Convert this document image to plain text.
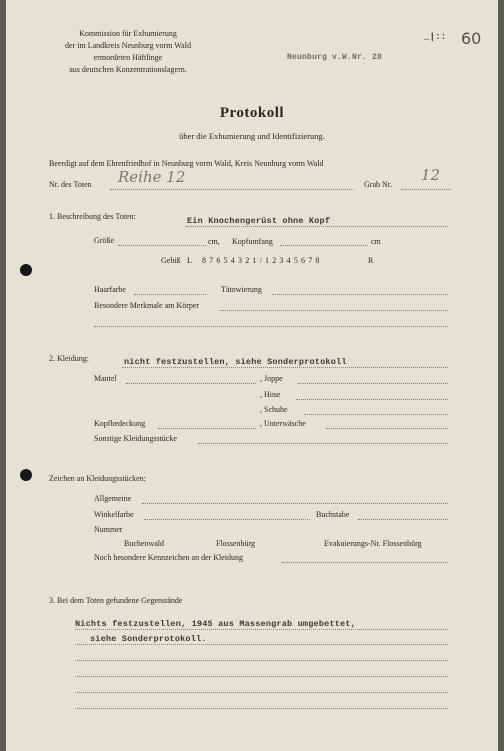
Kommission für Exhumierung
der im Landkreis Neunburg vorm Wald
ermordeten Häftlinge
aus deutschen Konzentrationslagern.
Neunburg v.W.Nr. 28
_|:: 60
Protokoll
über die Exhumierung und Identifizierung.
Beerdigt auf dem Ehrenfriedhof in Neunburg vorm Wald, Kreis Neunburg vorm Wald
Nr. des Toten Reihe 12	Grab Nr.
12
1. Beschreibung des Toten:	Ein Knochengerüst ohne Kopf
Größe	cm, Kopfumfang	cm
Gebiß L 8 7 6 5 4 3 2 1 / 1 2 3 4 5 6 7 8	R
Haarfarbe	Tätowierung
Besondere Merkmale am Körper
2. Kleidung:	nicht festzustellen, siehe Sonderprotokoll
Mantel	, Joppe
, Hose
, Schuhe
Kopfbedeckung	, Unterwäsche
Sonstige Kleidungsstücke
Zeichen an Kleidungsstücken:
Allgemeine
Winkelfarbe	Buchstabe
Nummer
Buchenwald	Flossenbürg	Evakuierungs-Nr. Flossenbürg
Noch besondere Kennzeichen an der Kleidung
3. Bei dem Toten gefundene Gegenstände
Nichts festzustellen, 1945 aus Massengrab umgebettet,
siehe Sonderprotokoll.
